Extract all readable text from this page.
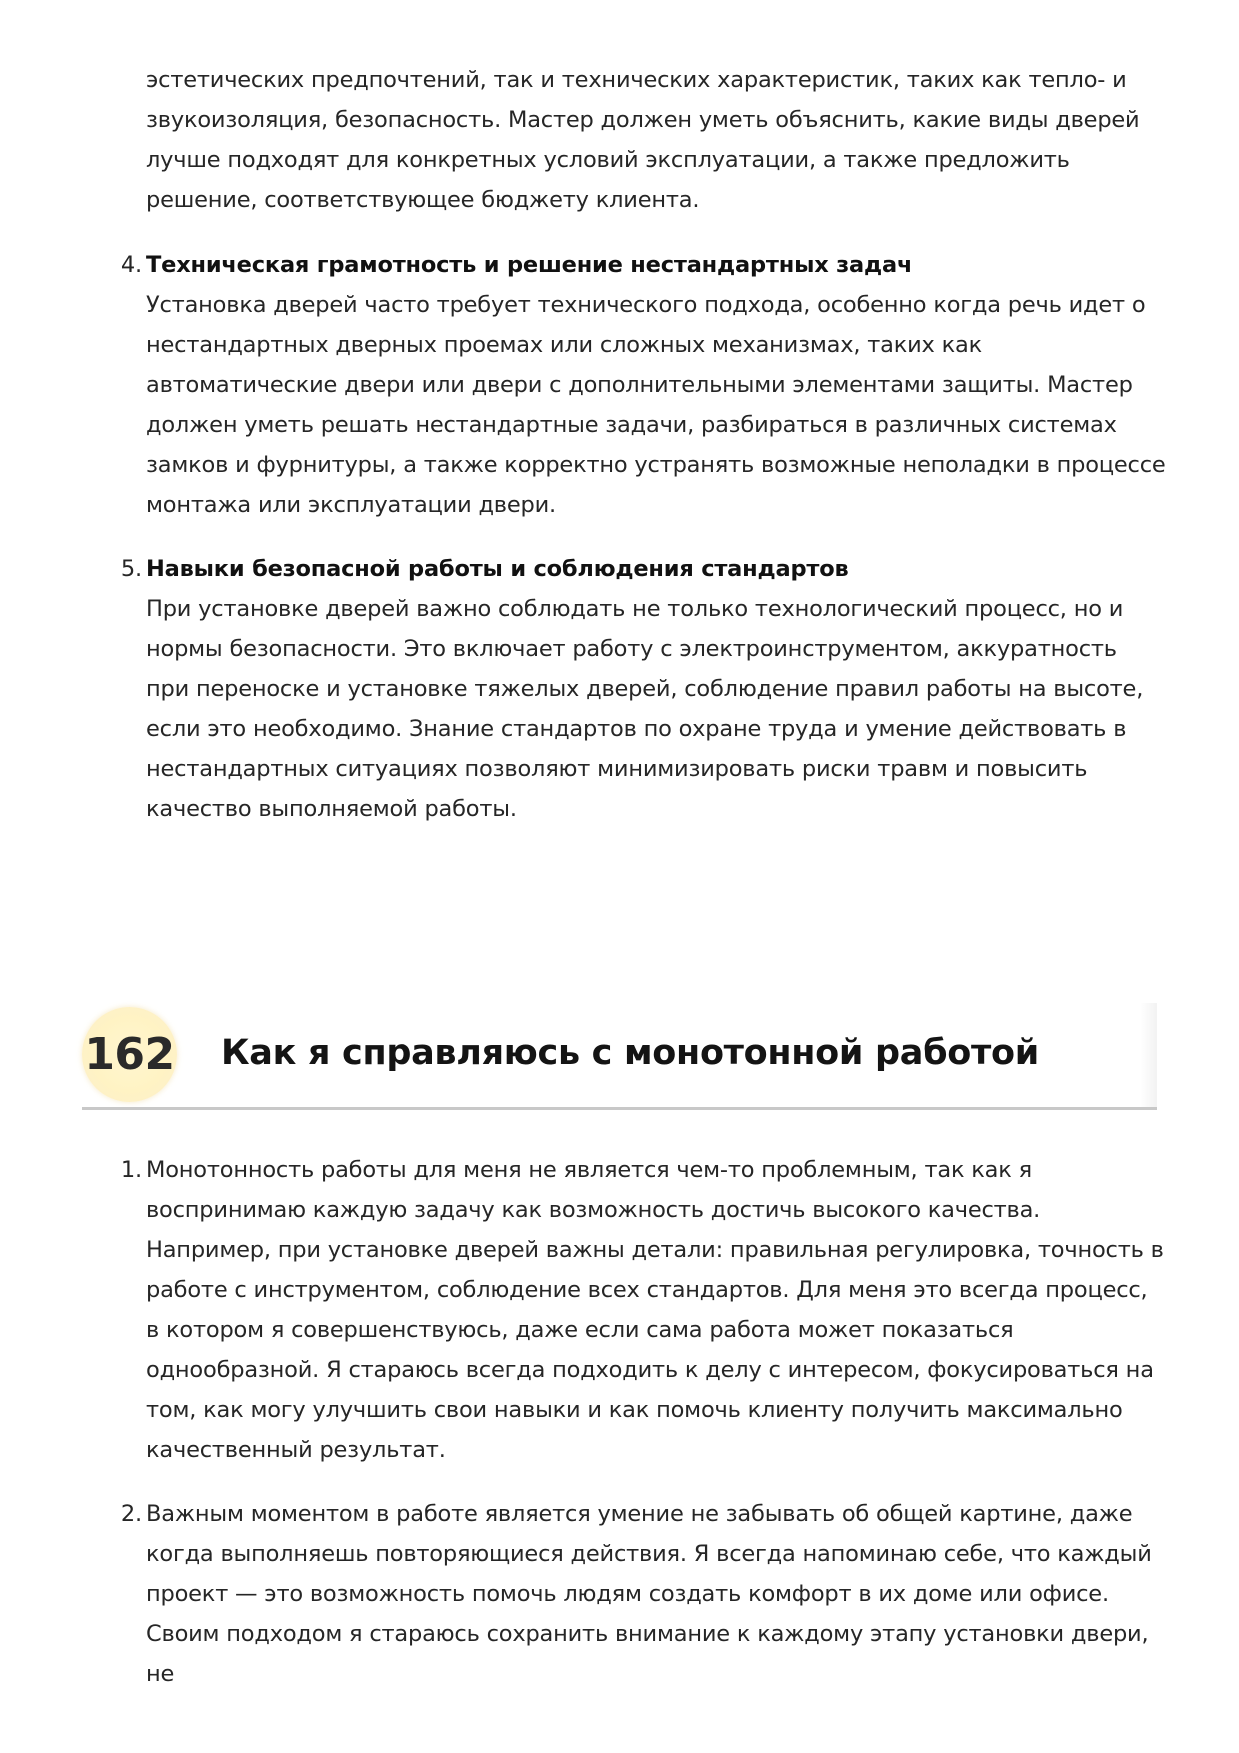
эстетических предпочтений, так и технических характеристик, таких как тепло- и звукоизоляция, безопасность. Мастер должен уметь объяснить, какие виды дверей лучше подходят для конкретных условий эксплуатации, а также предложить решение, соответствующее бюджету клиента.
4. Техническая грамотность и решение нестандартных задач
Установка дверей часто требует технического подхода, особенно когда речь идет о нестандартных дверных проемах или сложных механизмах, таких как автоматические двери или двери с дополнительными элементами защиты. Мастер должен уметь решать нестандартные задачи, разбираться в различных системах замков и фурнитуры, а также корректно устранять возможные неполадки в процессе монтажа или эксплуатации двери.
5. Навыки безопасной работы и соблюдения стандартов
При установке дверей важно соблюдать не только технологический процесс, но и нормы безопасности. Это включает работу с электроинструментом, аккуратность при переноске и установке тяжелых дверей, соблюдение правил работы на высоте, если это необходимо. Знание стандартов по охране труда и умение действовать в нестандартных ситуациях позволяют минимизировать риски травм и повысить качество выполняемой работы.
162 Как я справляюсь с монотонной работой
1. Монотонность работы для меня не является чем-то проблемным, так как я воспринимаю каждую задачу как возможность достичь высокого качества. Например, при установке дверей важны детали: правильная регулировка, точность в работе с инструментом, соблюдение всех стандартов. Для меня это всегда процесс, в котором я совершенствуюсь, даже если сама работа может показаться однообразной. Я стараюсь всегда подходить к делу с интересом, фокусироваться на том, как могу улучшить свои навыки и как помочь клиенту получить максимально качественный результат.
2. Важным моментом в работе является умение не забывать об общей картине, даже когда выполняешь повторяющиеся действия. Я всегда напоминаю себе, что каждый проект — это возможность помочь людям создать комфорт в их доме или офисе. Своим подходом я стараюсь сохранить внимание к каждому этапу установки двери, не
